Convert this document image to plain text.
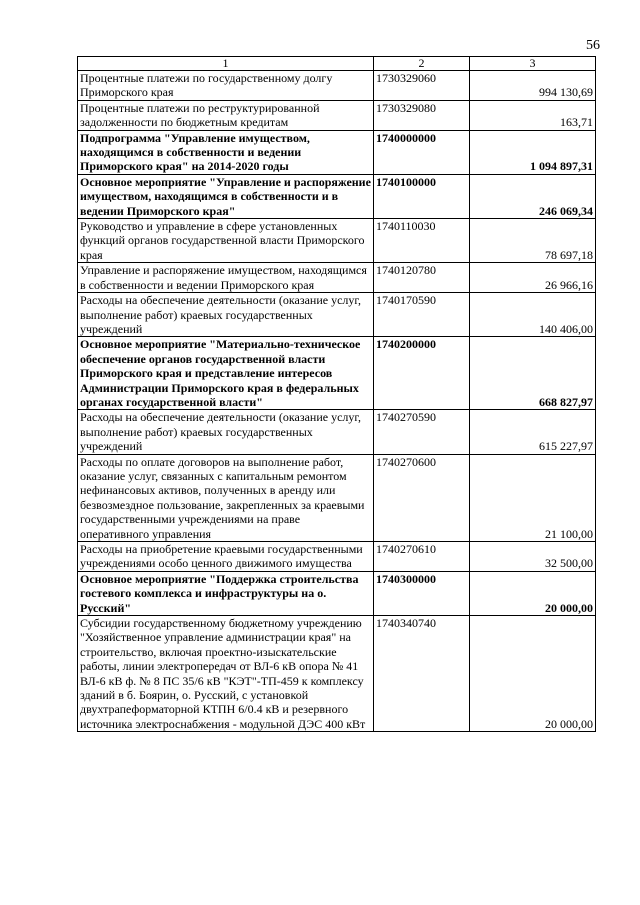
56
1	2	3
Процентные платежи по государственному долгу Приморского края	1730329060	994 130,69
Процентные платежи по реструктурированной задолженности по бюджетным кредитам	1730329080	163,71
Подпрограмма "Управление имуществом, находящимся в собственности и ведении Приморского края" на 2014-2020 годы	1740000000	1 094 897,31
Основное мероприятие "Управление и распоряжение имуществом, находящимся в собственности и в ведении Приморского края"	1740100000	246 069,34
Руководство и управление в сфере установленных функций органов государственной власти Приморского края	1740110030	78 697,18
Управление и распоряжение имуществом, находящимся в собственности и ведении Приморского края	1740120780	26 966,16
Расходы на обеспечение деятельности (оказание услуг, выполнение работ) краевых государственных учреждений	1740170590	140 406,00
Основное мероприятие "Материально-техническое обеспечение органов государственной власти Приморского края и представление интересов Администрации Приморского края в федеральных органах государственной власти"	1740200000	668 827,97
Расходы на обеспечение деятельности (оказание услуг, выполнение работ) краевых государственных учреждений	1740270590	615 227,97
Расходы по оплате договоров на выполнение работ, оказание услуг, связанных с капитальным ремонтом нефинансовых активов, полученных в аренду или безвозмездное пользование, закрепленных за краевыми государственными учреждениями на праве оперативного управления	1740270600	21 100,00
Расходы на приобретение краевыми государственными учреждениями особо ценного движимого имущества	1740270610	32 500,00
Основное мероприятие "Поддержка строительства гостевого комплекса и инфраструктуры на о. Русский"	1740300000	20 000,00
Субсидии государственному бюджетному учреждению "Хозяйственное управление администрации края" на строительство, включая проектно-изыскательские работы, линии электропередач от ВЛ-6 кВ опора № 41 ВЛ-6 кВ ф. № 8 ПС 35/6 кВ "КЭТ"-ТП-459 к комплексу зданий в б. Боярин, о. Русский, с установкой двухтрапеформаторной КТПН 6/0.4 кВ и резервного источника электроснабжения - модульной ДЭС 400 кВт	1740340740	20 000,00
